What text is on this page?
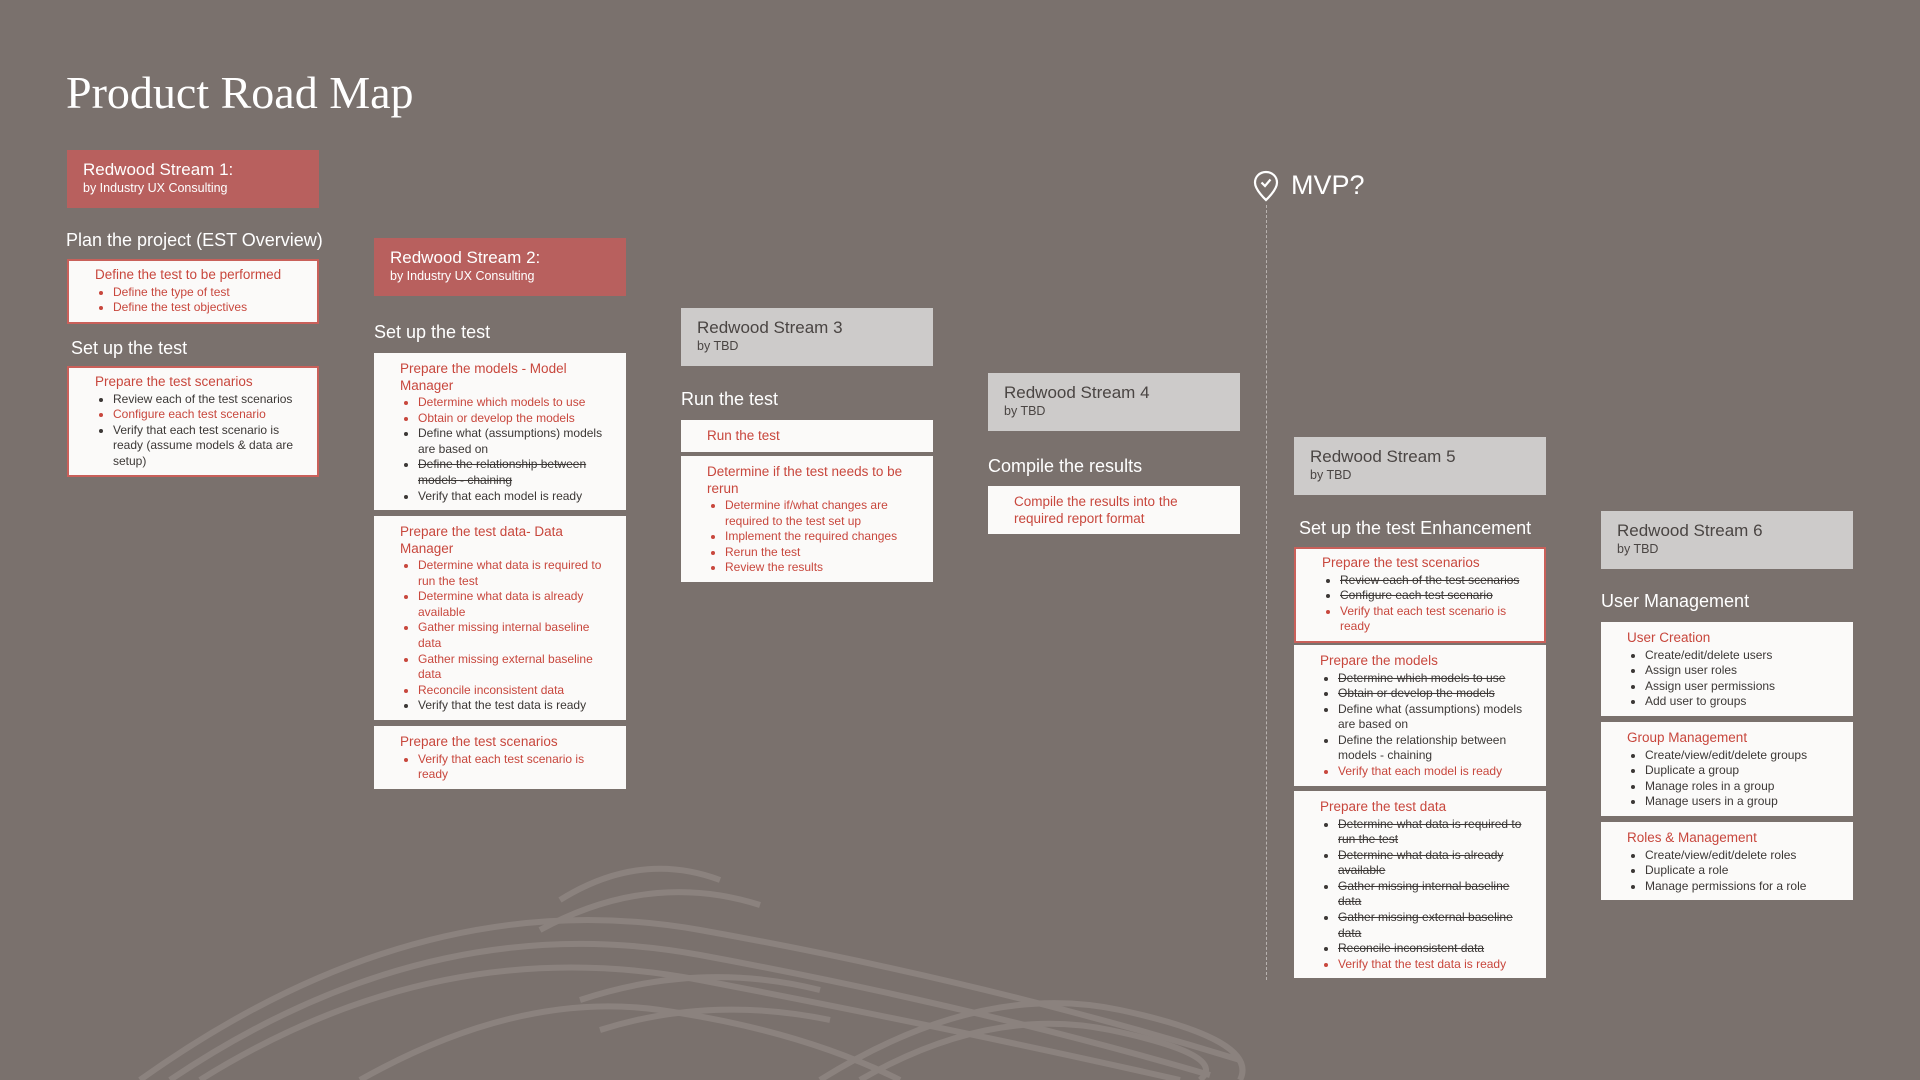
Product Road Map
MVP?
Redwood Stream 1:
by Industry UX Consulting
Plan the project (EST Overview)
Define the test to be performed
• Define the type of test
• Define the test objectives
Set up the test
Prepare the test scenarios
• Review each of the test scenarios
• Configure each test scenario
• Verify that each test scenario is ready (assume models & data are setup)
Redwood Stream 2:
by Industry UX Consulting
Set up the test
Prepare the models - Model Manager
• Determine which models to use
• Obtain or develop the models
• Define what (assumptions) models are based on
• Define the relationship between models - chaining
• Verify that each model is ready
Prepare the test data- Data Manager
• Determine what data is required to run the test
• Determine what data is already available
• Gather missing internal baseline data
• Gather missing external baseline data
• Reconcile inconsistent data
• Verify that the test data is ready
Prepare the test scenarios
• Verify that each test scenario is ready
Redwood Stream 3
by TBD
Run the test
Run the test
Determine if the test needs to be rerun
• Determine if/what changes are required to the test set up
• Implement the required changes
• Rerun the test
• Review the results
Redwood Stream 4
by TBD
Compile the results
Compile the results into the required report format
Redwood Stream 5
by TBD
Set up the test Enhancement
Prepare the test scenarios
• Review each of the test scenarios
• Configure each test scenario
• Verify that each test scenario is ready
Prepare the models
• Determine which models to use
• Obtain or develop the models
• Define what (assumptions) models are based on
• Define the relationship between models - chaining
• Verify that each model is ready
Prepare the test data
• Determine what data is required to run the test
• Determine what data is already available
• Gather missing internal baseline data
• Gather missing external baseline data
• Reconcile inconsistent data
• Verify that the test data is ready
Redwood Stream 6
by TBD
User Management
User Creation
• Create/edit/delete users
• Assign user roles
• Assign user permissions
• Add user to groups
Group Management
• Create/view/edit/delete groups
• Duplicate a group
• Manage roles in a group
• Manage users in a group
Roles & Management
• Create/view/edit/delete roles
• Duplicate a role
• Manage permissions for a role
